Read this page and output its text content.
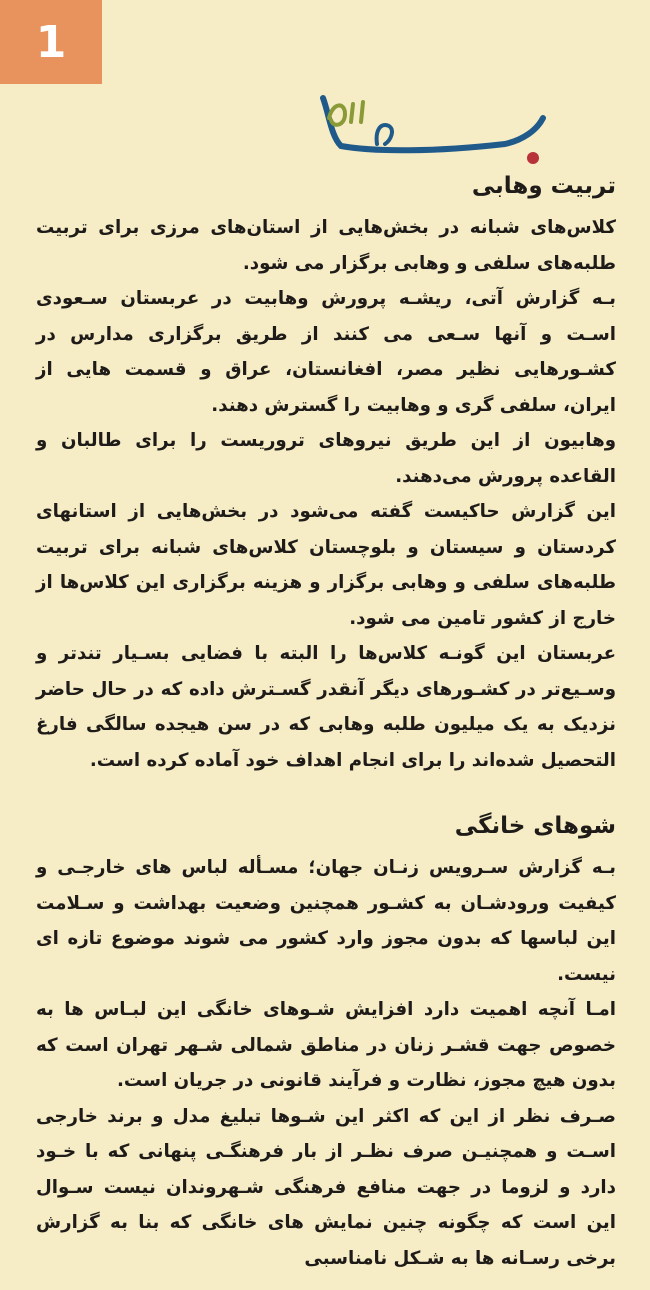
1
تربیت وهابی

کلاس‌های شبانه در بخش‌هایی از استان‌های مرزی برای تربیت طلبه‌های سلفی و وهابی برگزار می شود.

بـه گزارش آتی، ریشـه پرورش وهابیت در عربستان سـعودی اسـت و آنها سـعی می کنند از طریق برگزاری مدارس در کشـورهایی نظیر مصر، افغانستان، عراق و قسمت هایی از ایران، سلفی گری و وهابیت را گسترش دهند.

وهابیون از این طریق نیروهای تروریست را برای طالبان و القاعده پرورش می‌دهند.

این گزارش حاکیست گفته می‌شود در بخش‌هایی از استانهای کردستان و سیستان و بلوچستان کلاس‌های شبانه برای تربیت طلبه‌های سلفی و وهابی برگزار و هزینه برگزاری این کلاس‌ها از خارج از کشور تامین می شود.

عربستان این گونـه کلاس‌ها را البته با فضایی بسـیار تندتر و وسـیع‌تر در کشـورهای دیگر آنقدر گسـترش داده که در حال حاضر نزدیک به یک میلیون طلبه وهابی که در سن هیجده سالگی فارغ التحصیل شده‌اند را برای انجام اهداف خود آماده کرده است.

شوهای خانگی

بـه گزارش سـرویس زنـان جهان؛ مسـأله لباس های خارجـی و کیفیت ورودشـان به کشـور همچنین وضعیت بهداشت و سـلامت این لباسها که بدون مجوز وارد کشور می شوند موضوع تازه ای نیست.

امـا آنچه اهمیت دارد افزایش شـوهای خانگی این لبـاس ها به خصوص جهت قشـر زنان در مناطق شمالی شـهر تهران است که بدون هیچ مجوز، نظارت و فرآیند قانونی در جریان است.

صـرف نظر از این که اکثر این شـوها تبلیغ مدل و برند خارجی اسـت و همچنیـن صرف نظـر از بار فرهنگـی پنهانی که با خـود دارد و لزوما در جهت منافع فرهنگی شـهروندان نیست سـوال این است که چگونه چنین نمایش های خانگی که بنا به گزارش برخی رسـانه ها به شـکل نامناسبی
